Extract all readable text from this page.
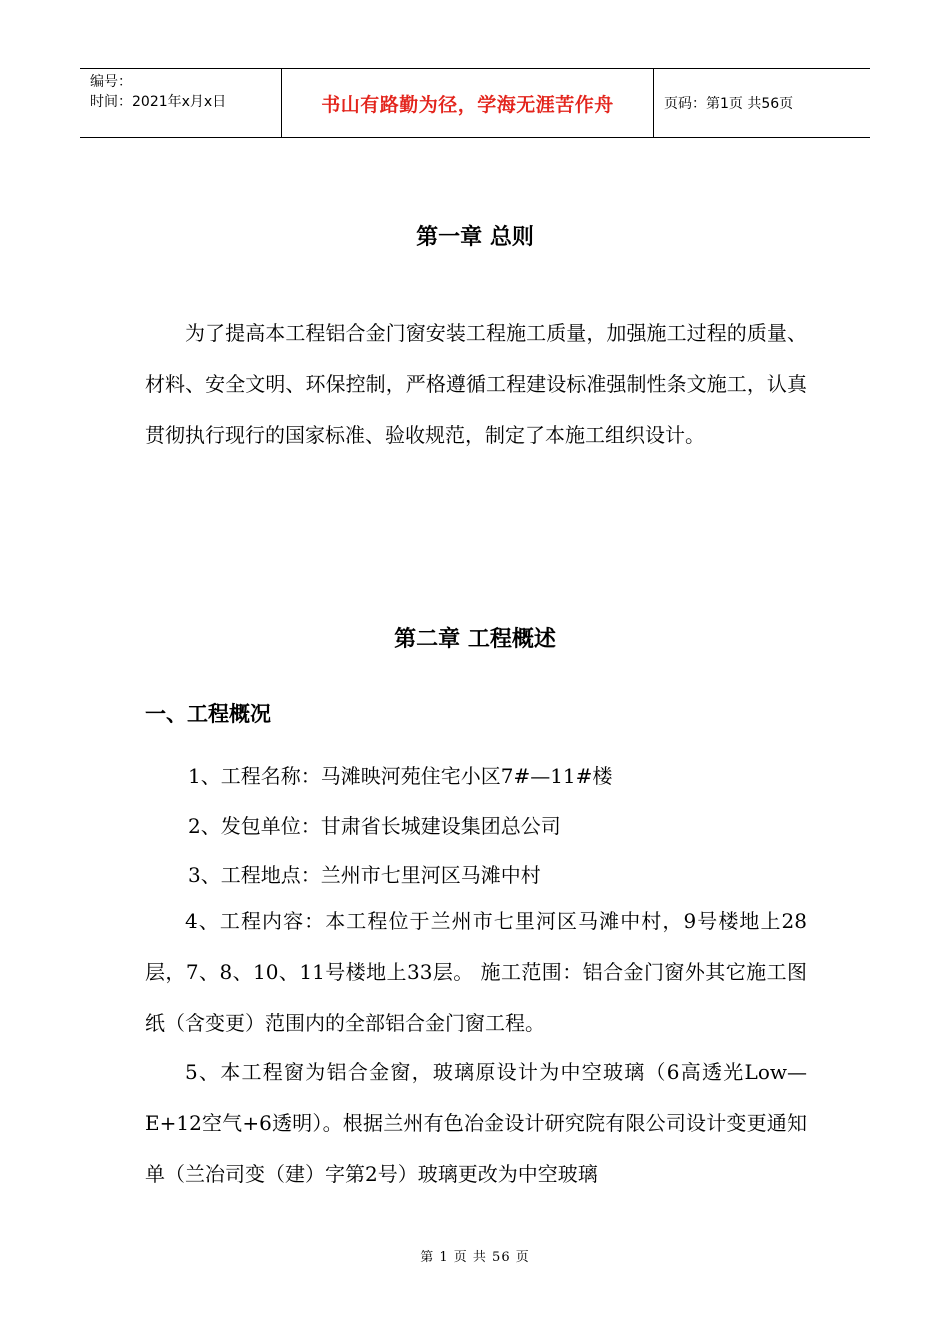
编号：
时间：2021年x月x日	书山有路勤为径，学海无涯苦作舟	页码：第1页 共56页
第一章 总则

为了提高本工程铝合金门窗安装工程施工质量，加强施工过程的质量、材料、安全文明、环保控制，严格遵循工程建设标准强制性条文施工，认真贯彻执行现行的国家标准、验收规范，制定了本施工组织设计。

第二章 工程概述
一、工程概况
1、工程名称：马滩映河苑住宅小区7#—11#楼
2、发包单位：甘肃省长城建设集团总公司
3、工程地点：兰州市七里河区马滩中村

4、工程内容：本工程位于兰州市七里河区马滩中村，9号楼地上28层，7、8、10、11号楼地上33层。 施工范围：铝合金门窗外其它施工图纸（含变更）范围内的全部铝合金门窗工程。

5、本工程窗为铝合金窗，玻璃原设计为中空玻璃（6高透光Low—E+12空气+6透明）。根据兰州有色冶金设计研究院有限公司设计变更通知单（兰冶司变（建）字第2号）玻璃更改为中空玻璃

第 1 页 共 56 页
